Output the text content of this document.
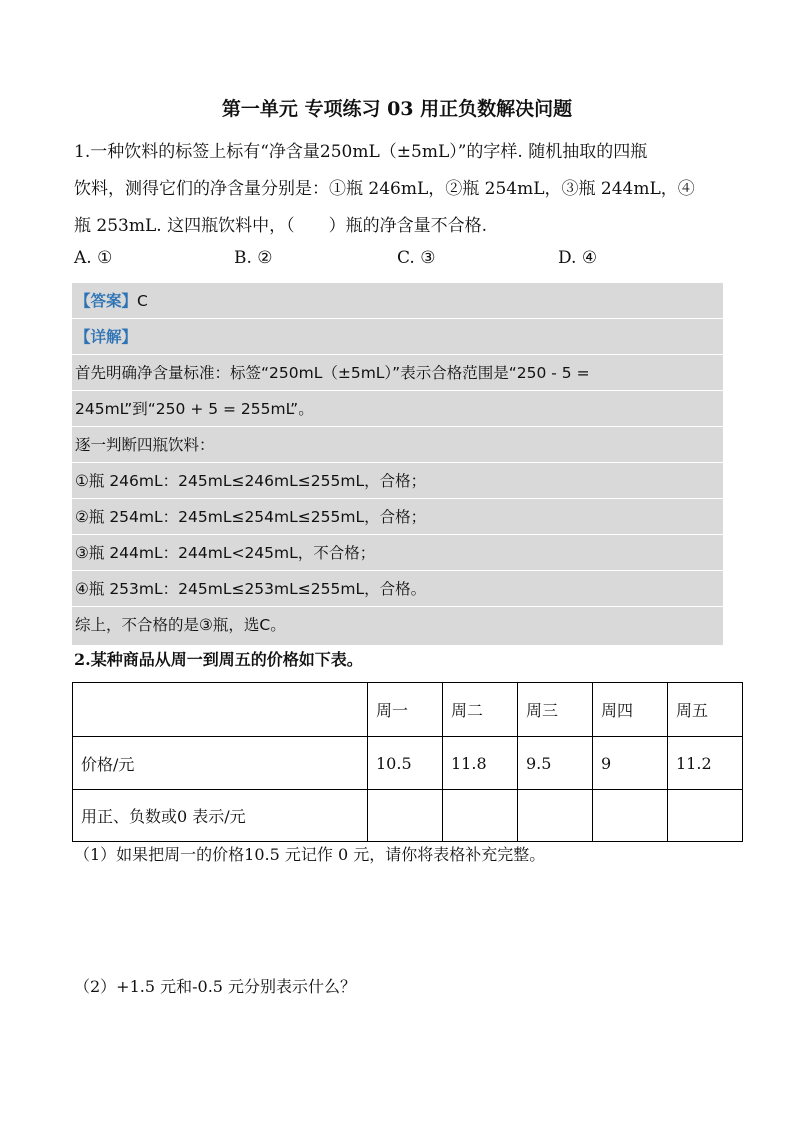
第一单元 专项练习 03 用正负数解决问题
1.一种饮料的标签上标有“净含量250mL（±5mL）”的字样. 随机抽取的四瓶
饮料，测得它们的净含量分别是：①瓶 246mL，②瓶 254mL，③瓶 244mL，④
瓶 253mL. 这四瓶饮料中，（　　）瓶的净含量不合格.
A. ①	B. ②	C. ③	D. ④
【答案】C
【详解】
首先明确净含量标准：标签“250mL（±5mL）”表示合格范围是“250 - 5 =
245mL”到“250 + 5 = 255mL”。
逐一判断四瓶饮料：
①瓶 246mL：245mL≤246mL≤255mL，合格；
②瓶 254mL：245mL≤254mL≤255mL，合格；
③瓶 244mL：244mL<245mL，不合格；
④瓶 253mL：245mL≤253mL≤255mL，合格。
综上，不合格的是③瓶，选C。
2.某种商品从周一到周五的价格如下表。
	周一	周二	周三	周四	周五
价格/元	10.5	11.8	9.5	9	11.2
用正、负数或0 表示/元					
（1）如果把周一的价格10.5 元记作 0 元，请你将表格补充完整。
（2）+1.5 元和-0.5 元分别表示什么？
